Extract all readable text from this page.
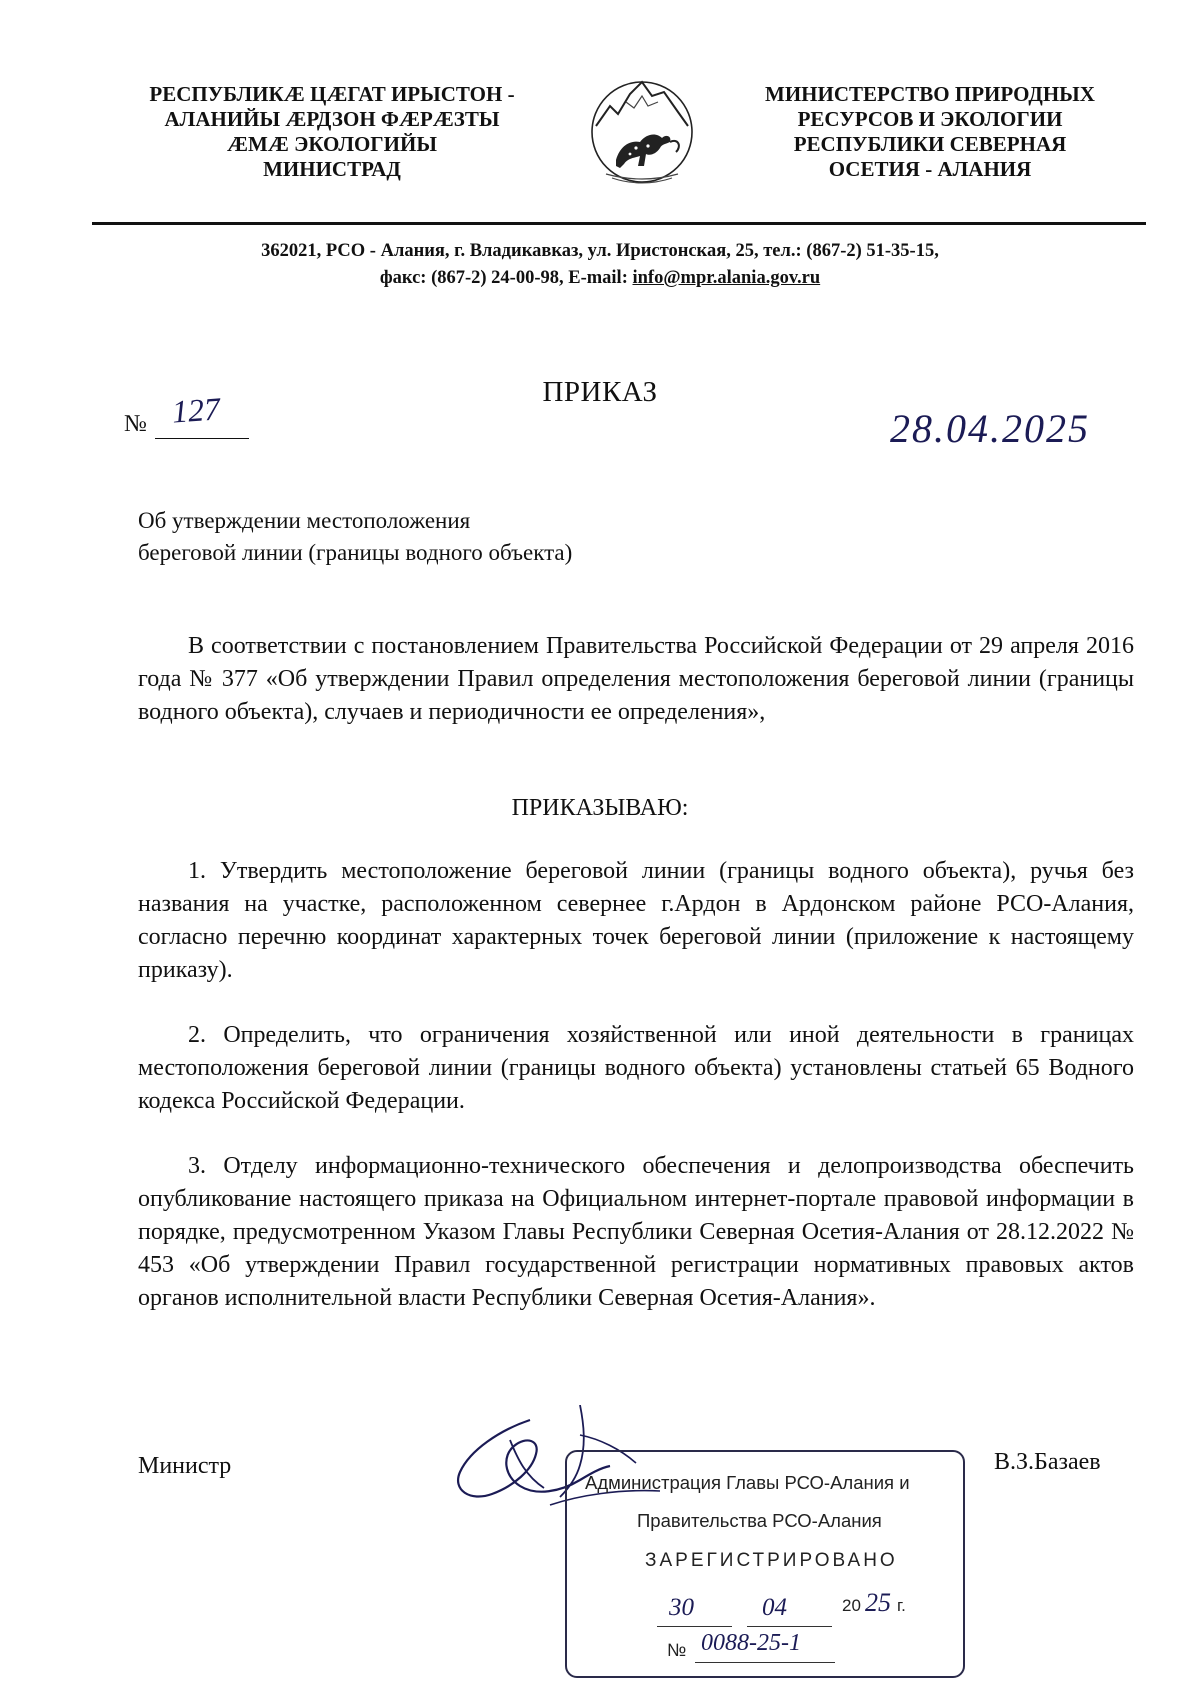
РЕСПУБЛИКÆ ЦÆГАТ ИРЫСТОН -
АЛАНИЙЫ ÆРДЗОН ФÆРÆЗТЫ
ÆМÆ ЭКОЛОГИЙЫ
МИНИСТРАД
МИНИСТЕРСТВО ПРИРОДНЫХ
РЕСУРСОВ И ЭКОЛОГИИ
РЕСПУБЛИКИ СЕВЕРНАЯ
ОСЕТИЯ - АЛАНИЯ
362021, РСО - Алания, г. Владикавказ, ул. Иристонская, 25, тел.: (867-2) 51-35-15,
факс: (867-2) 24-00-98, E-mail: info@mpr.alania.gov.ru
ПРИКАЗ
№ 127	28.04.2025
Об утверждении местоположения
береговой линии (границы водного объекта)
В соответствии с постановлением Правительства Российской Федерации от 29 апреля 2016 года № 377 «Об утверждении Правил определения местоположения береговой линии (границы водного объекта), случаев и периодичности ее определения»,
ПРИКАЗЫВАЮ:
1. Утвердить местоположение береговой линии (границы водного объекта), ручья без названия на участке, расположенном севернее г.Ардон в Ардонском районе РСО-Алания, согласно перечню координат характерных точек береговой линии (приложение к настоящему приказу).
2. Определить, что ограничения хозяйственной или иной деятельности в границах местоположения береговой линии (границы водного объекта) установлены статьей 65 Водного кодекса Российской Федерации.
3. Отделу информационно-технического обеспечения и делопроизводства обеспечить опубликование настоящего приказа на Официальном интернет-портале правовой информации в порядке, предусмотренном Указом Главы Республики Северная Осетия-Алания от 28.12.2022 № 453 «Об утверждении Правил государственной регистрации нормативных правовых актов органов исполнительной власти Республики Северная Осетия-Алания».
Министр	В.З.Базаев
Администрация Главы РСО-Алания и
Правительства РСО-Алания
ЗАРЕГИСТРИРОВАНО
30	04	20 25 г.
№ 0088-25-1
